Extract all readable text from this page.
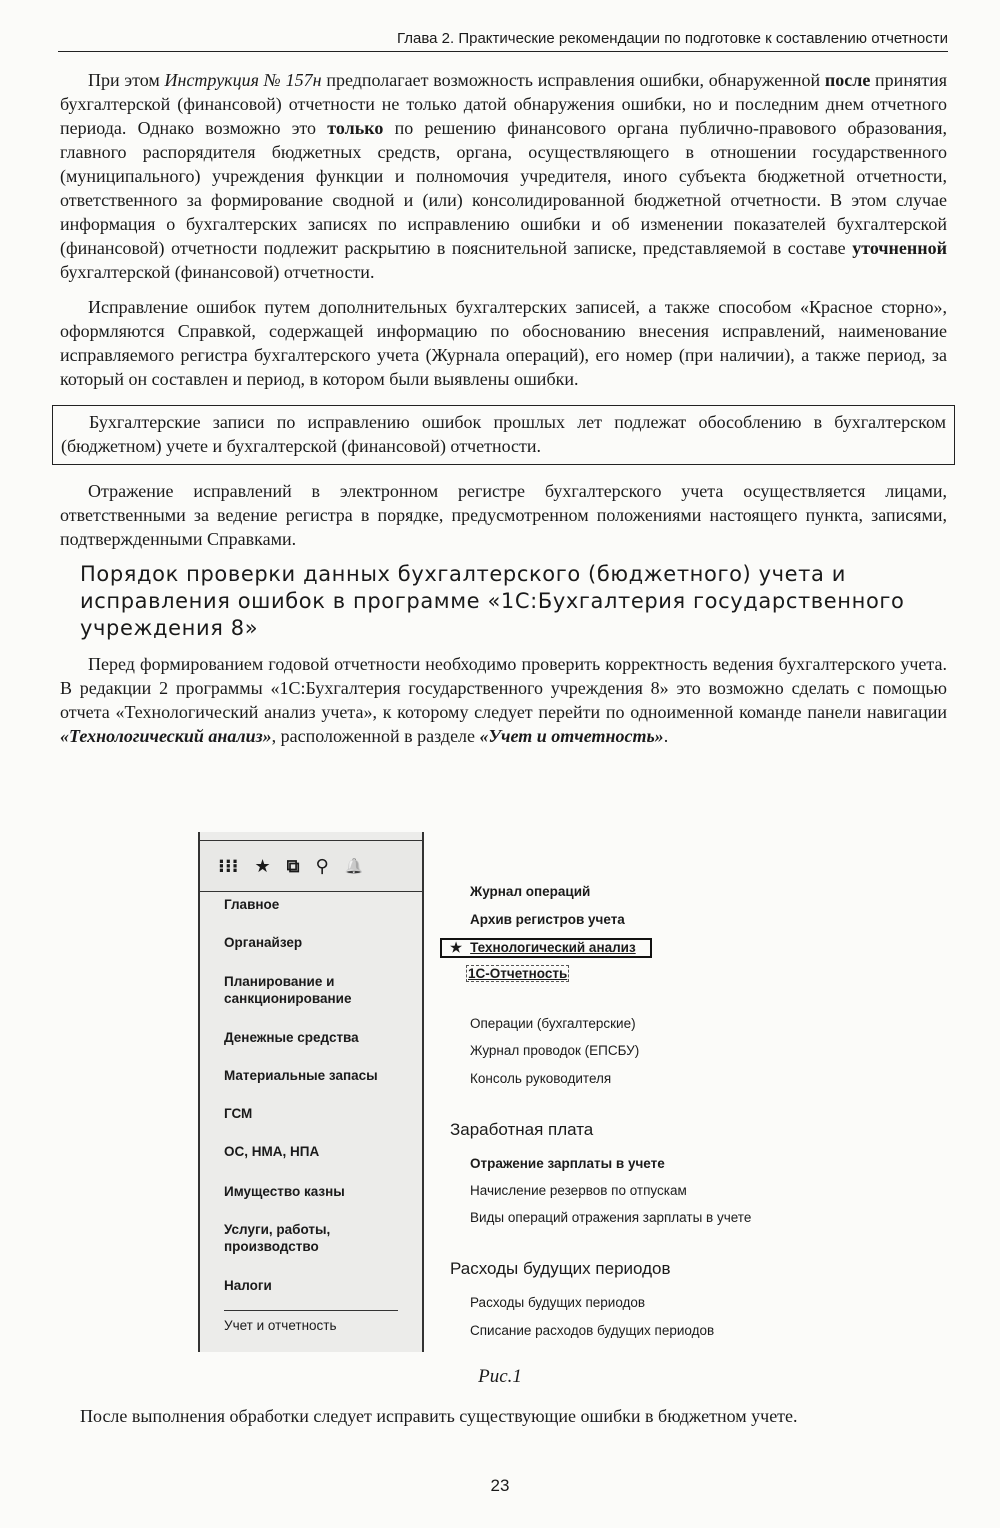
Глава 2. Практические рекомендации по подготовке к составлению отчетности

При этом Инструкция № 157н предполагает возможность исправления ошибки, обнаруженной после принятия бухгалтерской (финансовой) отчетности не только датой обнаружения ошибки, но и последним днем отчетного периода. Однако возможно это только по решению финансового органа публично-правового образования, главного распорядителя бюджетных средств, органа, осуществляющего в отношении государственного (муниципального) учреждения функции и полномочия учредителя, иного субъекта бюджетной отчетности, ответственного за формирование сводной и (или) консолидированной бюджетной отчетности. В этом случае информация о бухгалтерских записях по исправлению ошибки и об изменении показателей бухгалтерской (финансовой) отчетности подлежит раскрытию в пояснительной записке, представляемой в составе уточненной бухгалтерской (финансовой) отчетности.

Исправление ошибок путем дополнительных бухгалтерских записей, а также способом «Красное сторно», оформляются Справкой, содержащей информацию по обоснованию внесения исправлений, наименование исправляемого регистра бухгалтерского учета (Журнала операций), его номер (при наличии), а также период, за который он составлен и период, в котором были выявлены ошибки.

Бухгалтерские записи по исправлению ошибок прошлых лет подлежат обособлению в бухгалтерском (бюджетном) учете и бухгалтерской (финансовой) отчетности.

Отражение исправлений в электронном регистре бухгалтерского учета осуществляется лицами, ответственными за ведение регистра в порядке, предусмотренном положениями настоящего пункта, записями, подтвержденными Справками.

Порядок проверки данных бухгалтерского (бюджетного) учета и исправления ошибок в программе «1С:Бухгалтерия государственного учреждения 8»

Перед формированием годовой отчетности необходимо проверить корректность ведения бухгалтерского учета. В редакции 2 программы «1С:Бухгалтерия государственного учреждения 8» это возможно сделать с помощью отчета «Технологический анализ учета», к которому следует перейти по одноименной команде панели навигации «Технологический анализ», расположенной в разделе «Учет и отчетность».

⁝⁝⁝ ★ ⧉ ⚲ 🔔
Главное
Органайзер
Планирование и санкционирование
Денежные средства
Материальные запасы
ГСМ
ОС, НМА, НПА
Имущество казны
Услуги, работы, производство
Налоги
Учет и отчетность
Журнал операций
Архив регистров учета
★ Технологический анализ
1С-Отчетность
Операции (бухгалтерские)
Журнал проводок (ЕПСБУ)
Консоль руководителя
Заработная плата
Отражение зарплаты в учете
Начисление резервов по отпускам
Виды операций отражения зарплаты в учете
Расходы будущих периодов
Расходы будущих периодов
Списание расходов будущих периодов
Рис.1
После выполнения обработки следует исправить существующие ошибки в бюджетном учете.
23
